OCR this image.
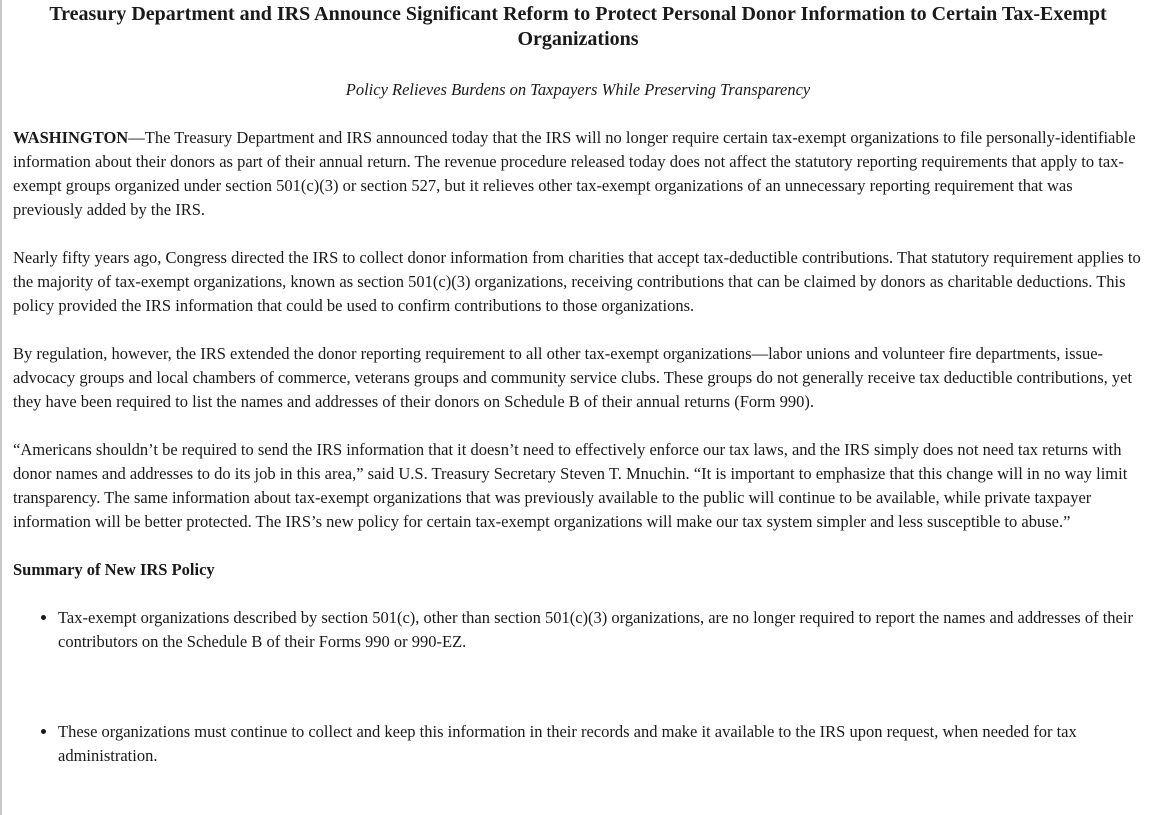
Treasury Department and IRS Announce Significant Reform to Protect Personal Donor Information to Certain Tax-Exempt Organizations
Policy Relieves Burdens on Taxpayers While Preserving Transparency

WASHINGTON—The Treasury Department and IRS announced today that the IRS will no longer require certain tax-exempt organizations to file personally-identifiable information about their donors as part of their annual return. The revenue procedure released today does not affect the statutory reporting requirements that apply to tax-exempt groups organized under section 501(c)(3) or section 527, but it relieves other tax-exempt organizations of an unnecessary reporting requirement that was previously added by the IRS.

Nearly fifty years ago, Congress directed the IRS to collect donor information from charities that accept tax-deductible contributions. That statutory requirement applies to the majority of tax-exempt organizations, known as section 501(c)(3) organizations, receiving contributions that can be claimed by donors as charitable deductions. This policy provided the IRS information that could be used to confirm contributions to those organizations.

By regulation, however, the IRS extended the donor reporting requirement to all other tax-exempt organizations—labor unions and volunteer fire departments, issue-advocacy groups and local chambers of commerce, veterans groups and community service clubs. These groups do not generally receive tax deductible contributions, yet they have been required to list the names and addresses of their donors on Schedule B of their annual returns (Form 990).

“Americans shouldn’t be required to send the IRS information that it doesn’t need to effectively enforce our tax laws, and the IRS simply does not need tax returns with donor names and addresses to do its job in this area,” said U.S. Treasury Secretary Steven T. Mnuchin. “It is important to emphasize that this change will in no way limit transparency. The same information about tax-exempt organizations that was previously available to the public will continue to be available, while private taxpayer information will be better protected. The IRS’s new policy for certain tax-exempt organizations will make our tax system simpler and less susceptible to abuse.”

Summary of New IRS Policy
• Tax-exempt organizations described by section 501(c), other than section 501(c)(3) organizations, are no longer required to report the names and addresses of their contributors on the Schedule B of their Forms 990 or 990-EZ.
• These organizations must continue to collect and keep this information in their records and make it available to the IRS upon request, when needed for tax administration.
